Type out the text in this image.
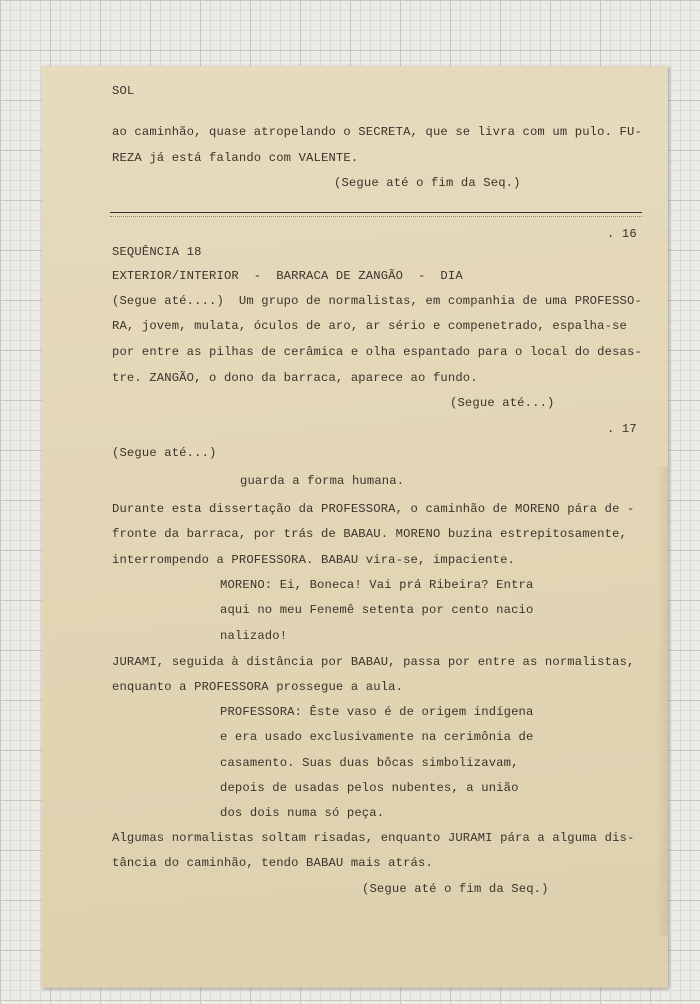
SOL
ao caminhão, quase atropelando o SECRETA, que se livra com um pulo. FU-
REZA já está falando com VALENTE.
(Segue até o fim da Seq.)
. 16
SEQUÊNCIA 18
EXTERIOR/INTERIOR  -  BARRACA DE ZANGÃO  -  DIA
(Segue até....)  Um grupo de normalistas, em companhia de uma PROFESSO-
RA, jovem, mulata, óculos de aro, ar sério e compenetrado, espalha-se
por entre as pilhas de cerâmica e olha espantado para o local do desas-
tre. ZANGÃO, o dono da barraca, aparece ao fundo.
(Segue até...)
. 17
(Segue até...)
guarda a forma humana.
Durante esta dissertação da PROFESSORA, o caminhão de MORENO pára de -
fronte da barraca, por trás de BABAU. MORENO buzina estrepitosamente,
interrompendo a PROFESSORA. BABAU vira-se, impaciente.
MORENO: Ei, Boneca! Vai prá Ribeira? Entra
aqui no meu Fenemê setenta por cento nacio
nalizado!
JURAMI, seguida à distância por BABAU, passa por entre as normalistas,
enquanto a PROFESSORA prossegue a aula.
PROFESSORA: Êste vaso é de origem indígena
e era usado exclusivamente na cerimônia de
casamento. Suas duas bôcas simbolizavam,
depois de usadas pelos nubentes, a união
dos dois numa só peça.
Algumas normalistas soltam risadas, enquanto JURAMI pára a alguma dis-
tância do caminhão, tendo BABAU mais atrás.
(Segue até o fim da Seq.)
